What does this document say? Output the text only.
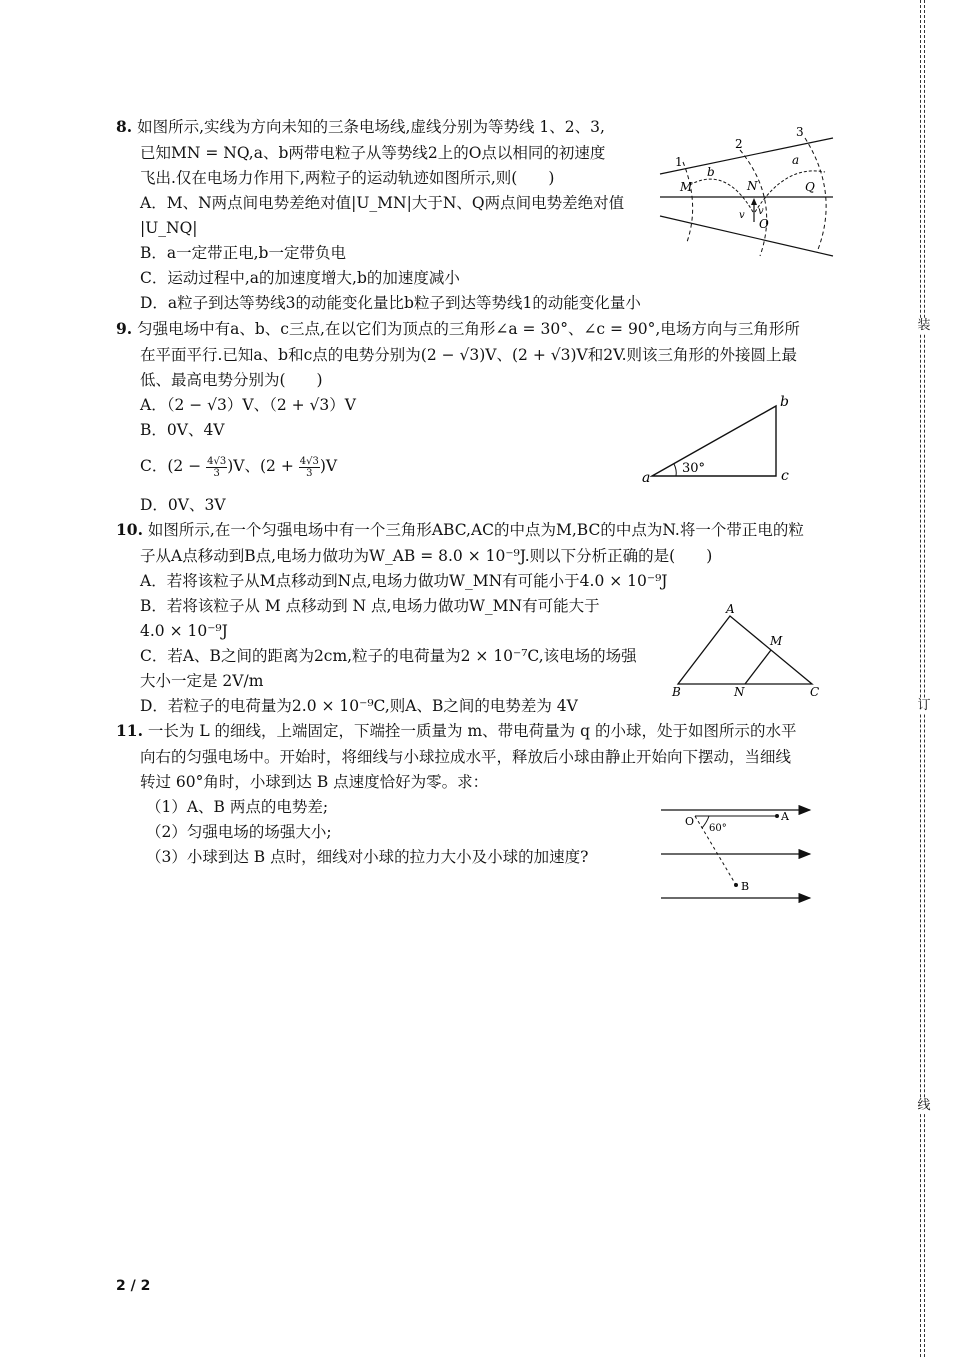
装
订
线
8. 如图所示,实线为方向未知的三条电场线,虚线分别为等势线 1、2、3,
已知MN = NQ,a、b两带电粒子从等势线2上的O点以相同的初速度
飞出.仅在电场力作用下,两粒子的运动轨迹如图所示,则(　　)
A．M、N两点间电势差绝对值|U_MN|大于N、Q两点间电势差绝对值
|U_NQ|
B．a一定带正电,b一定带负电
C．运动过程中,a的加速度增大,b的加速度减小
D．a粒子到达等势线3的动能变化量比b粒子到达等势线1的动能变化量小
1
2
3
M	N	Q
O
a
b
v v
9. 匀强电场中有a、b、c三点,在以它们为顶点的三角形∠a = 30°、∠c = 90°,电场方向与三角形所
在平面平行.已知a、b和c点的电势分别为(2 − √3)V、(2 + √3)V和2V.则该三角形的外接圆上最
低、最高电势分别为(　　)
A．（2 − √3）V、（2 + √3）V
B．0V、4V
C．$(2 - \frac{4√3}{3} )V$、$(2 + \frac{4√3}{3} )V$
D．0V、3V
a
b
c
30°
10. 如图所示,在一个匀强电场中有一个三角形ABC,AC的中点为M,BC的中点为N.将一个带正电的粒
子从A点移动到B点,电场力做功为W_AB = 8.0 × 10⁻⁹J.则以下分析正确的是(　　)
A．若将该粒子从M点移动到N点,电场力做功W_MN有可能小于4.0 × 10⁻⁹J
B．若将该粒子从 M 点移动到 N 点,电场力做功W_MN有可能大于
4.0 × 10⁻⁹J
C．若A、B之间的距离为2cm,粒子的电荷量为2 × 10⁻⁷C,该电场的场强
大小一定是 2V/m
D．若粒子的电荷量为2.0 × 10⁻⁹C,则A、B之间的电势差为 4V
A
B	C
M
N
11. 一长为 L 的细线，上端固定，下端拴一质量为 m、带电荷量为 q 的小球，处于如图所示的水平
向右的匀强电场中。开始时，将细线与小球拉成水平，释放后小球由静止开始向下摆动，当细线
转过 60°角时，小球到达 B 点速度恰好为零。求：
（1）A、B 两点的电势差;
（2）匀强电场的场强大小;
（3）小球到达 B 点时，细线对小球的拉力大小及小球的加速度?
O	A
B
60°
2 / 2
